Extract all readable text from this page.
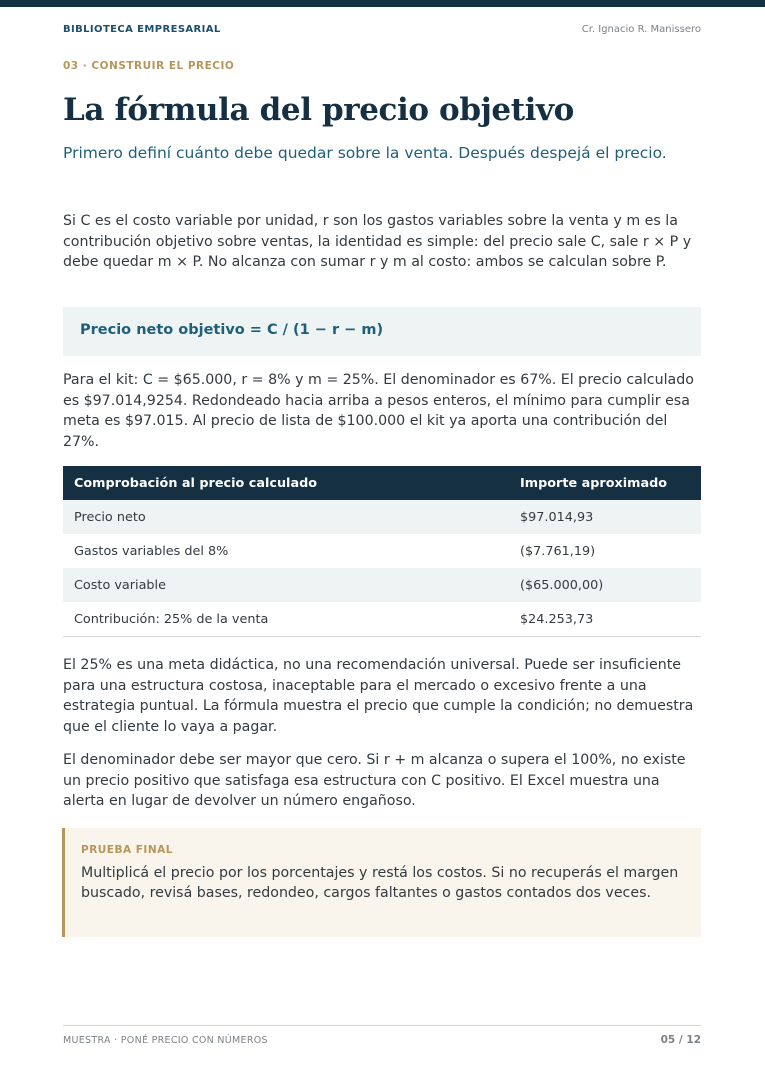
BIBLIOTECA EMPRESARIAL	Cr. Ignacio R. Manissero
03 · CONSTRUIR EL PRECIO
La fórmula del precio objetivo

Primero definí cuánto debe quedar sobre la venta. Después despejá el precio.

Si C es el costo variable por unidad, r son los gastos variables sobre la venta y m es la contribución objetivo sobre ventas, la identidad es simple: del precio sale C, sale r × P y debe quedar m × P. No alcanza con sumar r y m al costo: ambos se calculan sobre P.

Precio neto objetivo = C / (1 − r − m)

Para el kit: C = $65.000, r = 8% y m = 25%. El denominador es 67%. El precio calculado es $97.014,9254. Redondeado hacia arriba a pesos enteros, el mínimo para cumplir esa meta es $97.015. Al precio de lista de $100.000 el kit ya aporta una contribución del 27%.

Comprobación al precio calculado	Importe aproximado
Precio neto	$97.014,93
Gastos variables del 8%	($7.761,19)
Costo variable	($65.000,00)
Contribución: 25% de la venta	$24.253,73

El 25% es una meta didáctica, no una recomendación universal. Puede ser insuficiente para una estructura costosa, inaceptable para el mercado o excesivo frente a una estrategia puntual. La fórmula muestra el precio que cumple la condición; no demuestra que el cliente lo vaya a pagar.

El denominador debe ser mayor que cero. Si r + m alcanza o supera el 100%, no existe un precio positivo que satisfaga esa estructura con C positivo. El Excel muestra una alerta en lugar de devolver un número engañoso.

PRUEBA FINAL

Multiplicá el precio por los porcentajes y restá los costos. Si no recuperás el margen buscado, revisá bases, redondeo, cargos faltantes o gastos contados dos veces.

MUESTRA · PONÉ PRECIO CON NÚMEROS	05 / 12
